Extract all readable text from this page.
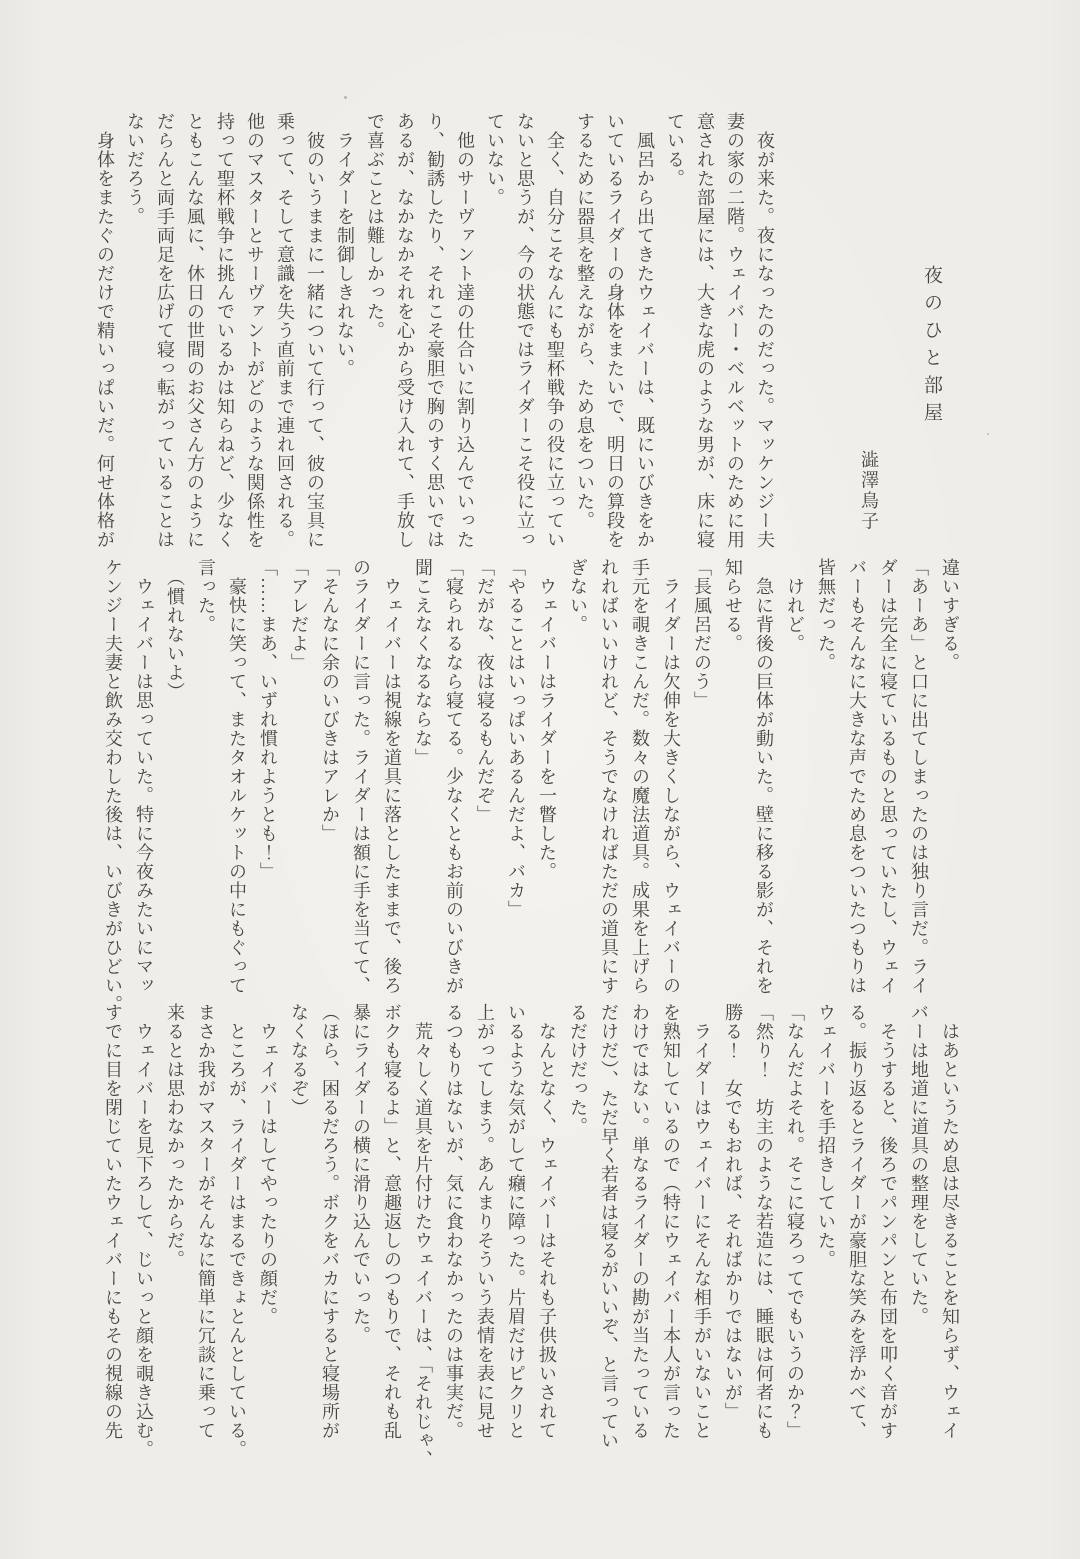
夜のひと部屋
澁澤鳥子

　夜が来た。夜になったのだった。マッケンジー夫

妻の家の二階。ウェイバー・ベルベットのために用

意された部屋には、大きな虎のような男が、床に寝

ている。

　風呂から出てきたウェイバーは、既にいびきをか

いているライダーの身体をまたいで、明日の算段を

するために器具を整えながら、ため息をついた。

　全く、自分こそなんにも聖杯戦争の役に立ってい

ないと思うが、今の状態ではライダーこそ役に立っ

ていない。

　他のサーヴァント達の仕合いに割り込んでいった

り、勧誘したり、それこそ豪胆で胸のすく思いでは

あるが、なかなかそれを心から受け入れて、手放し

で喜ぶことは難しかった。

　ライダーを制御しきれない。

　彼のいうままに一緒について行って、彼の宝具に

乗って、そして意識を失う直前まで連れ回される。

他のマスターとサーヴァントがどのような関係性を

持って聖杯戦争に挑んでいるかは知らねど、少なく

ともこんな風に、休日の世間のお父さん方のように

だらんと両手両足を広げて寝っ転がっていることは

ないだろう。

　身体をまたぐのだけで精いっぱいだ。何せ体格が

違いすぎる。

「あーあ」と口に出てしまったのは独り言だ。ライ

ダーは完全に寝ているものと思っていたし、ウェイ

バーもそんなに大きな声でため息をついたつもりは

皆無だった。

　けれど。

　急に背後の巨体が動いた。壁に移る影が、それを

知らせる。

「長風呂だのう」

　ライダーは欠伸を大きくしながら、ウェイバーの

手元を覗きこんだ。数々の魔法道具。成果を上げら

れればいいけれど、そうでなければただの道具にす

ぎない。

　ウェイバーはライダーを一瞥した。

「やることはいっぱいあるんだよ、バカ」

「だがな、夜は寝るもんだぞ」

「寝られるなら寝てる。少なくともお前のいびきが

聞こえなくなるならな」

　ウェイバーは視線を道具に落としたままで、後ろ

のライダーに言った。ライダーは額に手を当てて、

「そんなに余のいびきはアレか」

「アレだよ」

「……まあ、いずれ慣れようとも！」

　豪快に笑って、またタオルケットの中にもぐって

言った。

　（慣れないよ）

　ウェイバーは思っていた。特に今夜みたいにマッ

ケンジー夫妻と飲み交わした後は、いびきがひどい。

　はあというため息は尽きることを知らず、ウェイ

バーは地道に道具の整理をしていた。

　そうすると、後ろでパンパンと布団を叩く音がす

る。振り返るとライダーが豪胆な笑みを浮かべて、

ウェイバーを手招きしていた。

「なんだよそれ。そこに寝ろってでもいうのか？」

「然り！　坊主のような若造には、睡眠は何者にも

勝る！　女でもおれば、そればかりではないが」

　ライダーはウェイバーにそんな相手がいないこと

を熟知しているので（特にウェイバー本人が言った

わけではない。単なるライダーの勘が当たっている

だけだ）、ただ早く若者は寝るがいいぞ、と言ってい

るだけだった。

　なんとなく、ウェイバーはそれも子供扱いされて

いるような気がして癪に障った。片眉だけピクリと

上がってしまう。あんまりそういう表情を表に見せ

るつもりはないが、気に食わなかったのは事実だ。

　荒々しく道具を片付けたウェイバーは、「それじゃ、

ボクも寝るよ」と、意趣返しのつもりで、それも乱

暴にライダーの横に滑り込んでいった。

（ほら、困るだろう。ボクをバカにすると寝場所が

なくなるぞ）

　ウェイバーはしてやったりの顔だ。

　ところが、ライダーはまるできょとんとしている。

まさか我がマスターがそんなに簡単に冗談に乗って

来るとは思わなかったからだ。

　ウェイバーを見下ろして、じいっと顔を覗き込む。

すでに目を閉じていたウェイバーにもその視線の先
